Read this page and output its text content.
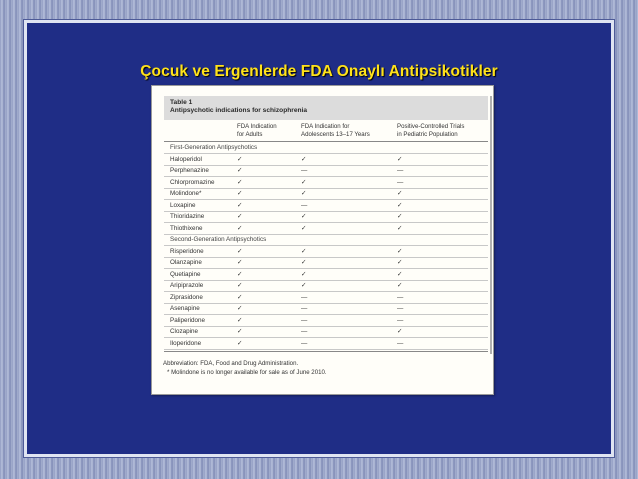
Çocuk ve Ergenlerde FDA Onaylı Antipsikotikler
Table 1
Antipsychotic indications for schizophrenia
FDA Indication
for Adults
FDA Indication for
Adolescents 13–17 Years
Positive-Controlled Trials
in Pediatric Population
First-Generation Antipsychotics
Haloperidol	✓	✓	✓
Perphenazine	✓	—	—
Chlorpromazine	✓	✓	—
Molindone*	✓	✓	✓
Loxapine	✓	—	✓
Thioridazine	✓	✓	✓
Thiothixene	✓	✓	✓
Second-Generation Antipsychotics
Risperidone	✓	✓	✓
Olanzapine	✓	✓	✓
Quetiapine	✓	✓	✓
Aripiprazole	✓	✓	✓
Ziprasidone	✓	—	—
Asenapine	✓	—	—
Paliperidone	✓	—	—
Clozapine	✓	—	✓
Iloperidone	✓	—	—
Abbreviation: FDA, Food and Drug Administration.
* Molindone is no longer available for sale as of June 2010.
